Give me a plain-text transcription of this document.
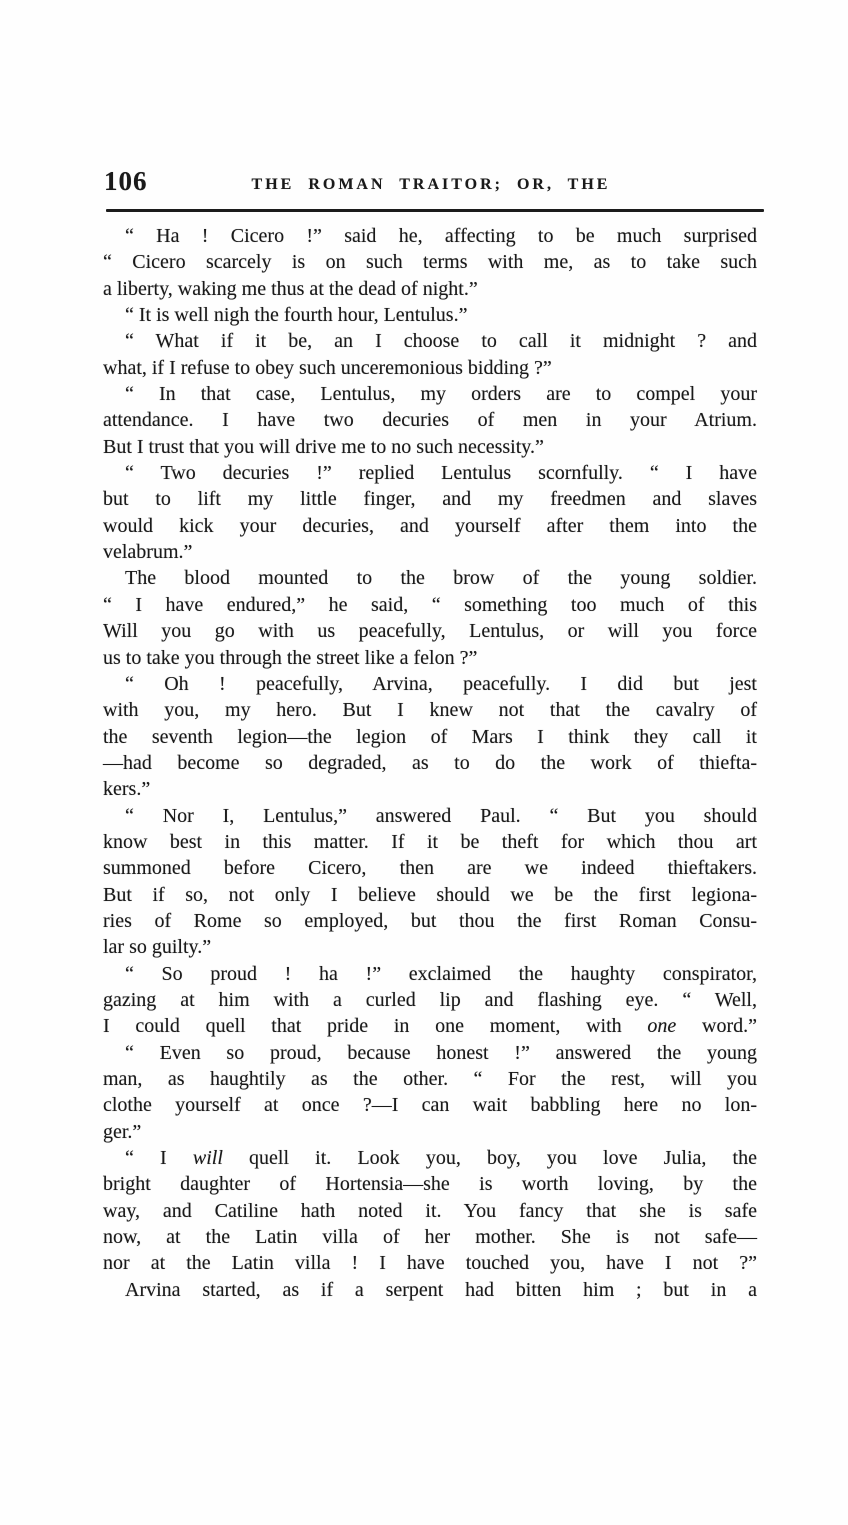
106	THE ROMAN TRAITOR; OR, THE
“ Ha ! Cicero !” said he, affecting to be much surprised
“ Cicero scarcely is on such terms with me, as to take such
a liberty, waking me thus at the dead of night.”
“ It is well nigh the fourth hour, Lentulus.”
“ What if it be, an I choose to call it midnight ? and
what, if I refuse to obey such unceremonious bidding ?”
“ In that case, Lentulus, my orders are to compel your
attendance. I have two decuries of men in your Atrium.
But I trust that you will drive me to no such necessity.”
“ Two decuries !” replied Lentulus scornfully. “ I have
but to lift my little finger, and my freedmen and slaves
would kick your decuries, and yourself after them into the
velabrum.”
The blood mounted to the brow of the young soldier.
“ I have endured,” he said, “ something too much of this
Will you go with us peacefully, Lentulus, or will you force
us to take you through the street like a felon ?”
“ Oh ! peacefully, Arvina, peacefully. I did but jest
with you, my hero. But I knew not that the cavalry of
the seventh legion—the legion of Mars I think they call it
—had become so degraded, as to do the work of thiefta-
kers.”
“ Nor I, Lentulus,” answered Paul. “ But you should
know best in this matter. If it be theft for which thou art
summoned before Cicero, then are we indeed thieftakers.
But if so, not only I believe should we be the first legiona-
ries of Rome so employed, but thou the first Roman Consu-
lar so guilty.”
“ So proud ! ha !” exclaimed the haughty conspirator,
gazing at him with a curled lip and flashing eye. “ Well,
I could quell that pride in one moment, with one word.”
“ Even so proud, because honest !” answered the young
man, as haughtily as the other. “ For the rest, will you
clothe yourself at once ?—I can wait babbling here no lon-
ger.”
“ I will quell it. Look you, boy, you love Julia, the
bright daughter of Hortensia—she is worth loving, by the
way, and Catiline hath noted it. You fancy that she is safe
now, at the Latin villa of her mother. She is not safe—
nor at the Latin villa ! I have touched you, have I not ?”
Arvina started, as if a serpent had bitten him ; but in a
